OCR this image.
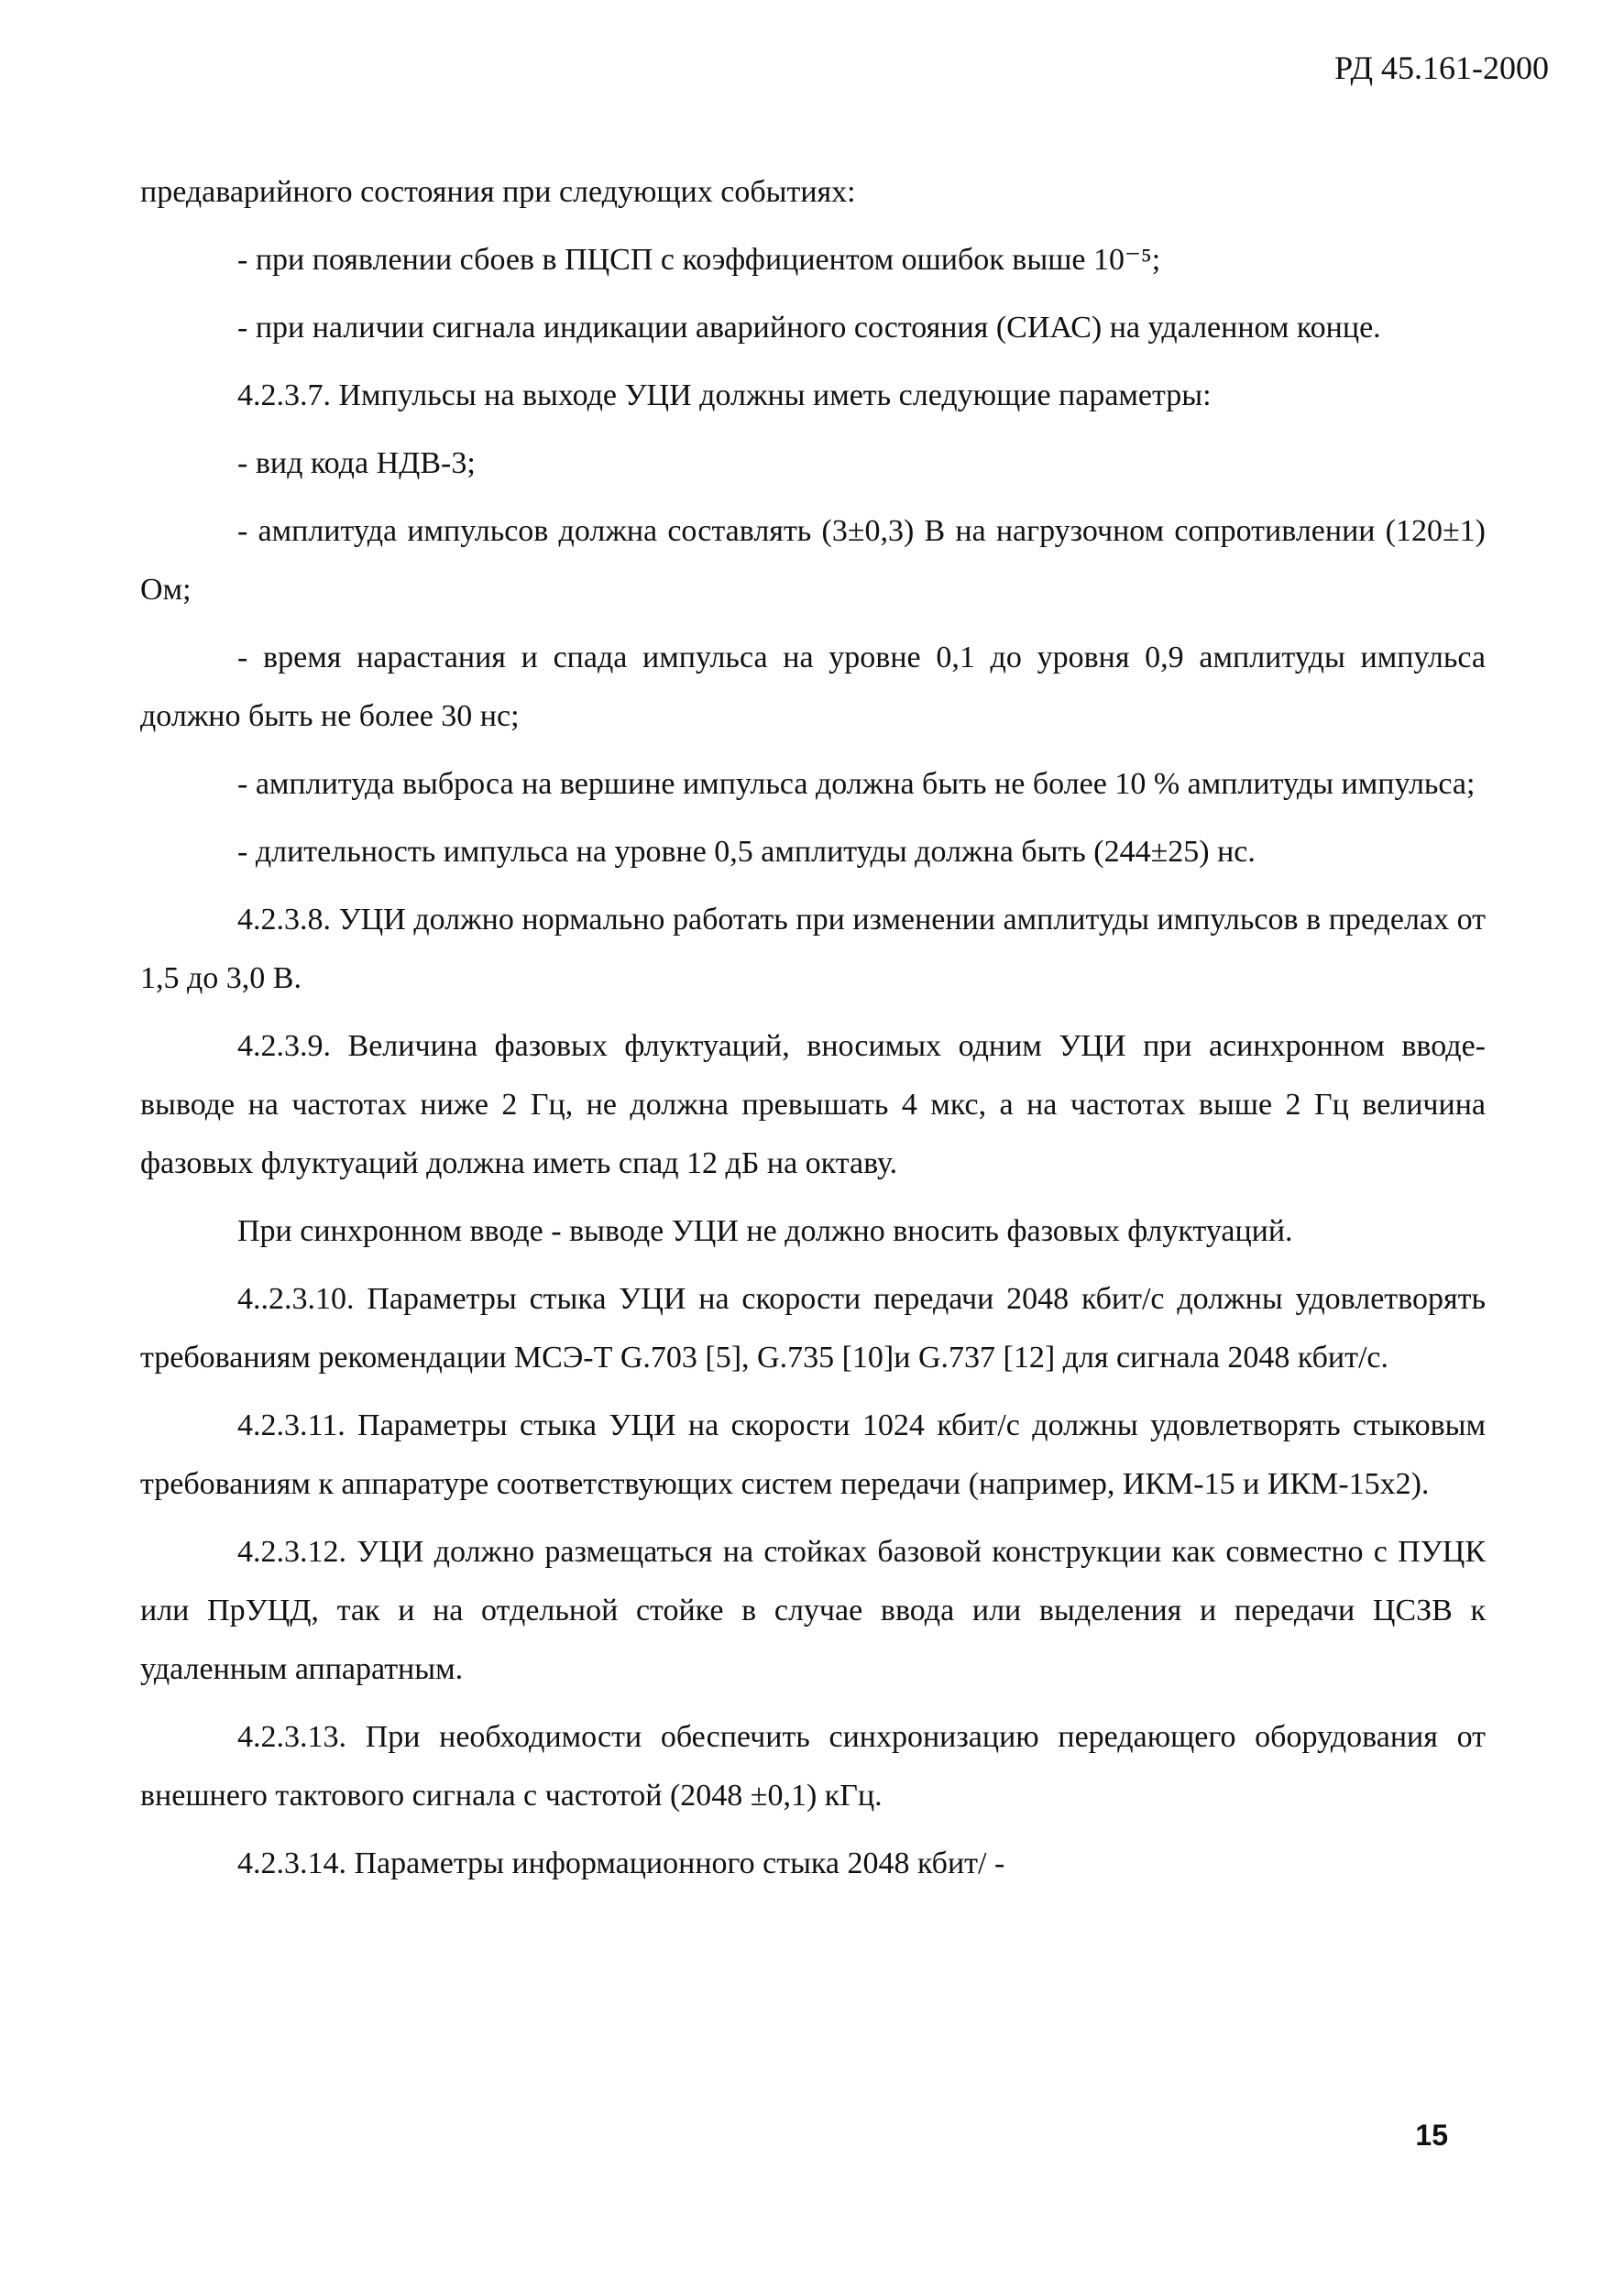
РД 45.161-2000

предаварийного состояния при следующих событиях:

- при появлении сбоев в ПЦСП с коэффициентом ошибок выше 10⁻⁵;

- при наличии сигнала индикации аварийного состояния (СИАС) на удаленном конце.

4.2.3.7. Импульсы на выходе УЦИ должны иметь следующие параметры:

- вид кода НДВ-3;

- амплитуда импульсов должна составлять (3±0,3) В на нагрузочном сопротивлении (120±1) Ом;

- время нарастания и спада импульса на уровне 0,1 до уровня 0,9 амплитуды импульса должно быть не более 30 нс;

- амплитуда выброса на вершине импульса должна быть не более 10 % амплитуды импульса;

- длительность импульса на уровне 0,5 амплитуды должна быть (244±25) нс.

4.2.3.8. УЦИ должно нормально работать при изменении амплитуды импульсов в пределах от 1,5 до 3,0 В.

4.2.3.9. Величина фазовых флуктуаций, вносимых одним УЦИ при асинхронном вводе-выводе на частотах ниже 2 Гц, не должна превышать 4 мкс, а на частотах выше 2 Гц величина фазовых флуктуаций должна иметь спад 12 дБ на октаву.

При синхронном вводе - выводе УЦИ не должно вносить фазовых флуктуаций.

4..2.3.10. Параметры стыка УЦИ на скорости передачи 2048 кбит/с должны удовлетворять требованиям рекомендации МСЭ-Т G.703 [5], G.735 [10]и G.737 [12] для сигнала 2048 кбит/с.

4.2.3.11. Параметры стыка УЦИ на скорости 1024 кбит/с должны удовлетворять стыковым требованиям к аппаратуре соответствующих систем передачи (например, ИКМ-15 и ИКМ-15х2).

4.2.3.12. УЦИ должно размещаться на стойках базовой конструкции как совместно с ПУЦК или ПрУЦД, так и на отдельной стойке в случае ввода или выделения и передачи ЦСЗВ к удаленным аппаратным.

4.2.3.13. При необходимости обеспечить синхронизацию передающего оборудования от внешнего тактового сигнала с частотой (2048 ±0,1) кГц.

4.2.3.14. Параметры информационного стыка 2048 кбит/ -

15
